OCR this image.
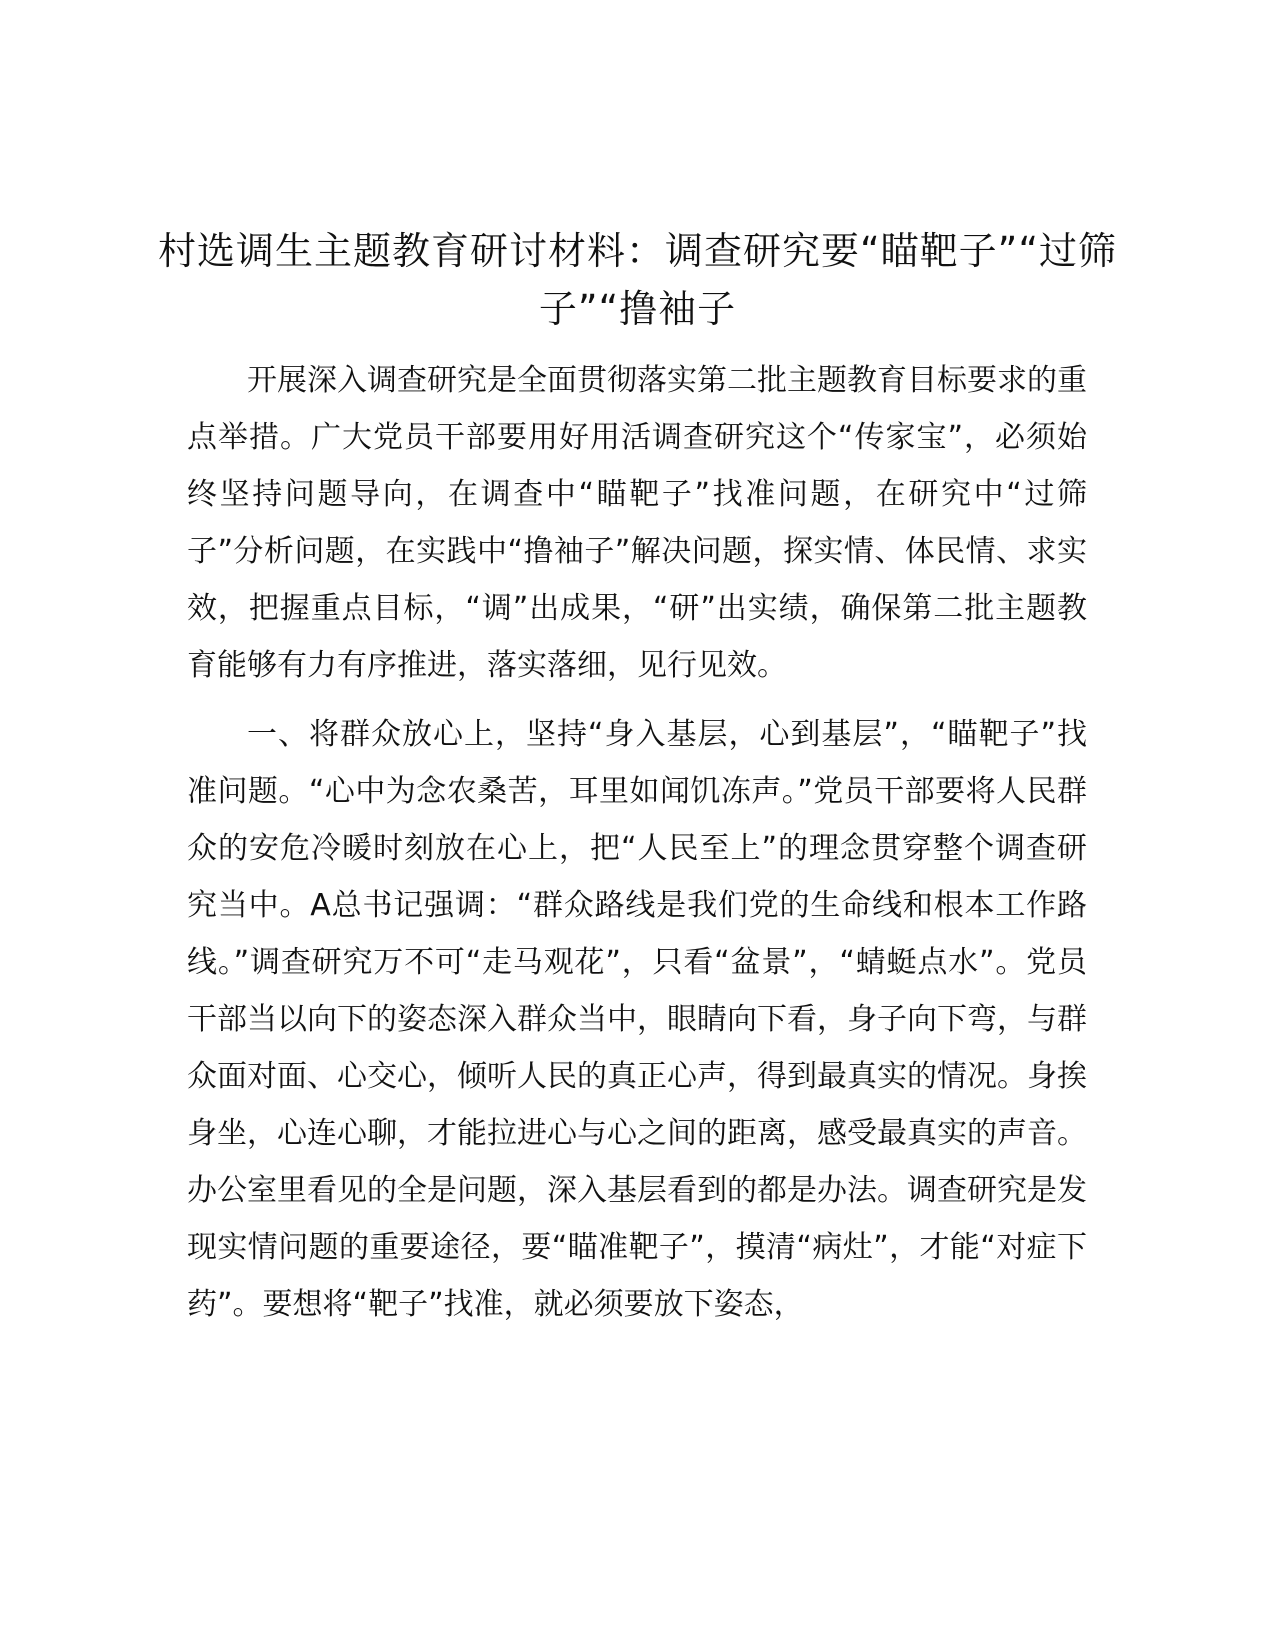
村选调生主题教育研讨材料：调查研究要“瞄靶子”“过筛子”“撸袖子

开展深入调查研究是全面贯彻落实第二批主题教育目标要求的重点举措。广大党员干部要用好用活调查研究这个“传家宝”，必须始终坚持问题导向，在调查中“瞄靶子”找准问题，在研究中“过筛子”分析问题，在实践中“撸袖子”解决问题，探实情、体民情、求实效，把握重点目标，“调”出成果，“研”出实绩，确保第二批主题教育能够有力有序推进，落实落细，见行见效。

一、将群众放心上，坚持“身入基层，心到基层”，“瞄靶子”找准问题。“心中为念农桑苦，耳里如闻饥冻声。”党员干部要将人民群众的安危冷暖时刻放在心上，把“人民至上”的理念贯穿整个调查研究当中。A总书记强调：“群众路线是我们党的生命线和根本工作路线。”调查研究万不可“走马观花”，只看“盆景”，“蜻蜓点水”。党员干部当以向下的姿态深入群众当中，眼睛向下看，身子向下弯，与群众面对面、心交心，倾听人民的真正心声，得到最真实的情况。身挨身坐，心连心聊，才能拉进心与心之间的距离，感受最真实的声音。办公室里看见的全是问题，深入基层看到的都是办法。调查研究是发现实情问题的重要途径，要“瞄准靶子”，摸清“病灶”，才能“对症下药”。要想将“靶子”找准，就必须要放下姿态，
